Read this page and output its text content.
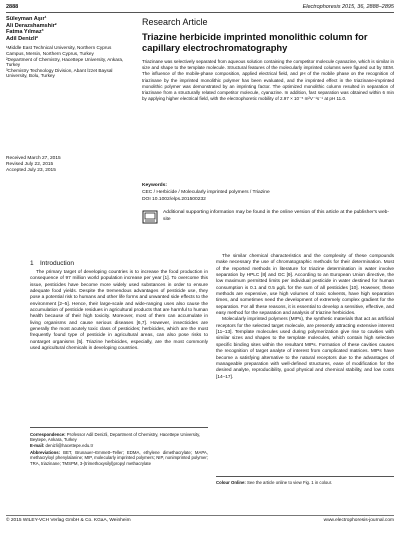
2888	Electrophoresis 2015, 36, 2888–2895
Süleyman Aşır¹
Ali Derazshamshir²
Fatma Yılmaz³
Adil Denizli²
¹Middle East Technical University, Northern Cyprus Campus, Mersin, Northern Cyprus, Turkey
²Department of Chemistry, Hacettepe University, Ankara, Turkey
³Chemistry Technology Division, Abant İzzet Baysal University, Bolu, Turkey
Received March 27, 2015
Revised July 22, 2015
Accepted July 23, 2015
Research Article
Triazine herbicide imprinted monolithic column for capillary electrochromatography
Triazinane was selectively separated from aqueous solution containing the competitor molecule cyanazine, which is similar in size and shape to the template molecule. Structural features of the molecularly imprinted columns were figured out by SEM. The influence of the mobile-phase composition, applied electrical field, and pH of the mobile phase on the recognition of triazinane by the imprinted monolithic polymer has been evaluated, and the imprinted effect in the triazinane-imprinted monolithic polymer was demonstrated by an imprinting factor. The optimized monolithic column resulted in separation of triazinane from a structurally related competitor molecule, cyanazine. In addition, fast separation was obtained within 6 min by applying higher electrical field, with the electrophoretic mobility of 2.97 × 10⁻⁵ m²V⁻¹s⁻¹ at pH 11.0.
Keywords:
CEC / Herbicide / Molecularly imprinted polymers / Triazine
DOI 10.1002/elps.201500232
Additional supporting information may be found in the online version of this article at the publisher's web-site
1 Introduction

The primary target of developing countries is to increase the food production in consequence of 97 million world population increase per year [1]. To overcome this issue, pesticides have become more widely used substances in order to ensure adequate food yields. Despite the tremendous advantages of pesticide use, they pose a potential risk to humans and other life forms and unwanted side effects to the environment [2–5]. Hence, their large-scale and wide-ranging uses also cause the accumulation of pesticide residues in agricultural products that are harmful to human health because of their high toxicity. Moreover, most of them can accumulate in living organisms and cause serious diseases [6,7]. However, insecticides are generally the most acutely toxic class of pesticides; herbicides, which are the most frequently found type of pesticide in agricultural areas, can also pose risks to nontarget organisms [5]. Triazine herbicides, especially, are the most commonly used agricultural chemicals in developing countries.

Correspondence: Professor Adil Denizli, Department of Chemistry, Hacettepe University, Beytepe, Ankara, Turkey
E-mail: denizli@hacettepe.edu.tr
Abbreviations: BET, Brunauer–Emmett–Teller; EDMA, ethylene dimethacrylate; MAPA, methacryloyl phenylalanine; MIP, molecularly imprinted polymers; NIP, nonimprinted polymer; TRA, triazinane; TMSPM, 3-(trimethoxysilyl)propyl methacrylate

The similar chemical characteristics and the complexity of these compounds make necessary the use of chromatographic methods for their determination. Most of the reported methods in literature for triazine determination in water involve separation by HPLC [8] and GC [9]. According to an European Union directive, the low maximum permitted limits per individual pesticide in water destined for human consumption is 0.1 and 0.5 µg/L for the sum of all pesticides [10]. However, these methods are expensive, use high volumes of toxic solvents, have high separation times, and sometimes need the development of extremely complex gradient for the separation. For all these reasons, it is essential to develop a sensitive, effective, and easy method for the separation and analysis of triazine herbicides.

Molecularly imprinted polymers (MIPs), the synthetic materials that act as artificial receptors for the selected target molecule, are presently attracting extensive interest [11–13]. Template molecules used during polymerization give rise to cavities with similar sizes and shapes to the template molecules, which contain high selective specific binding sites within the resultant MIPs. Formation of these cavities causes the recognition of target analyte of interest from complicated matrices. MIPs have become a satisfying alternative to the natural receptors due to the advantages of manageable preparation with well-defined structures, ease of modification for the desired analyte, reproducibility, good physical and chemical stability, and low costs [14–17].

Colour Online: See the article online to view Fig. 1 in colour.
© 2015 WILEY-VCH Verlag GmbH & Co. KGaA, Weinheim	www.electrophoresis-journal.com
